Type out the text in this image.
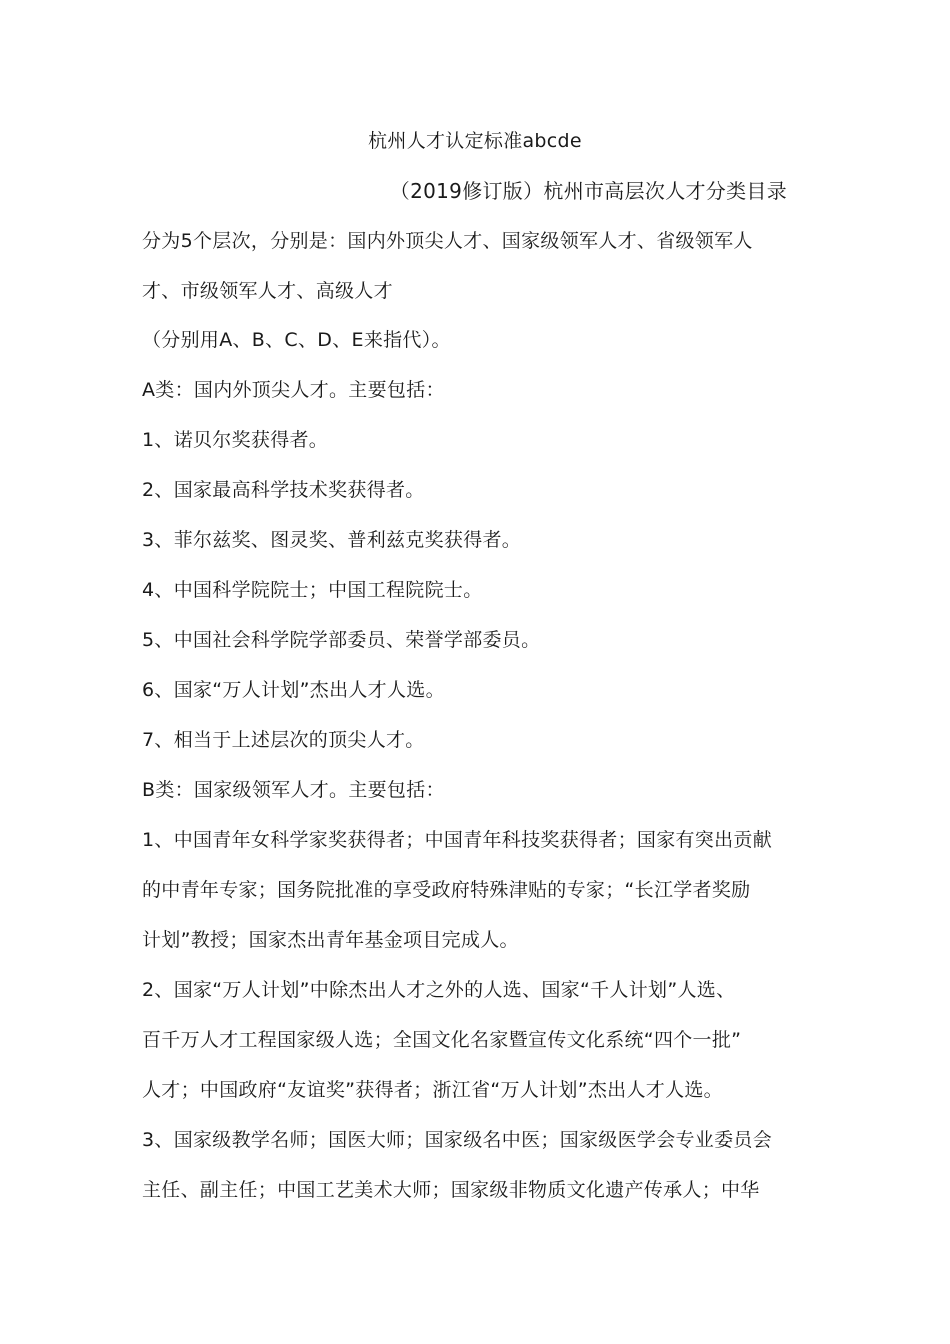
杭州人才认定标准abcde
（2019修订版）杭州市高层次人才分类目录
分为5个层次，分别是：国内外顶尖人才、国家级领军人才、省级领军人
才、市级领军人才、高级人才
（分别用A、B、C、D、E来指代）。
A类：国内外顶尖人才。主要包括：
1、诺贝尔奖获得者。
2、国家最高科学技术奖获得者。
3、菲尔兹奖、图灵奖、普利兹克奖获得者。
4、中国科学院院士；中国工程院院士。
5、中国社会科学院学部委员、荣誉学部委员。
6、国家“万人计划”杰出人才人选。
7、相当于上述层次的顶尖人才。
B类：国家级领军人才。主要包括：
1、中国青年女科学家奖获得者；中国青年科技奖获得者；国家有突出贡献
的中青年专家；国务院批准的享受政府特殊津贴的专家；“长江学者奖励
计划”教授；国家杰出青年基金项目完成人。
2、国家“万人计划”中除杰出人才之外的人选、国家“千人计划”人选、
百千万人才工程国家级人选；全国文化名家暨宣传文化系统“四个一批”
人才；中国政府“友谊奖”获得者；浙江省“万人计划”杰出人才人选。
3、国家级教学名师；国医大师；国家级名中医；国家级医学会专业委员会
主任、副主任；中国工艺美术大师；国家级非物质文化遗产传承人；中华
